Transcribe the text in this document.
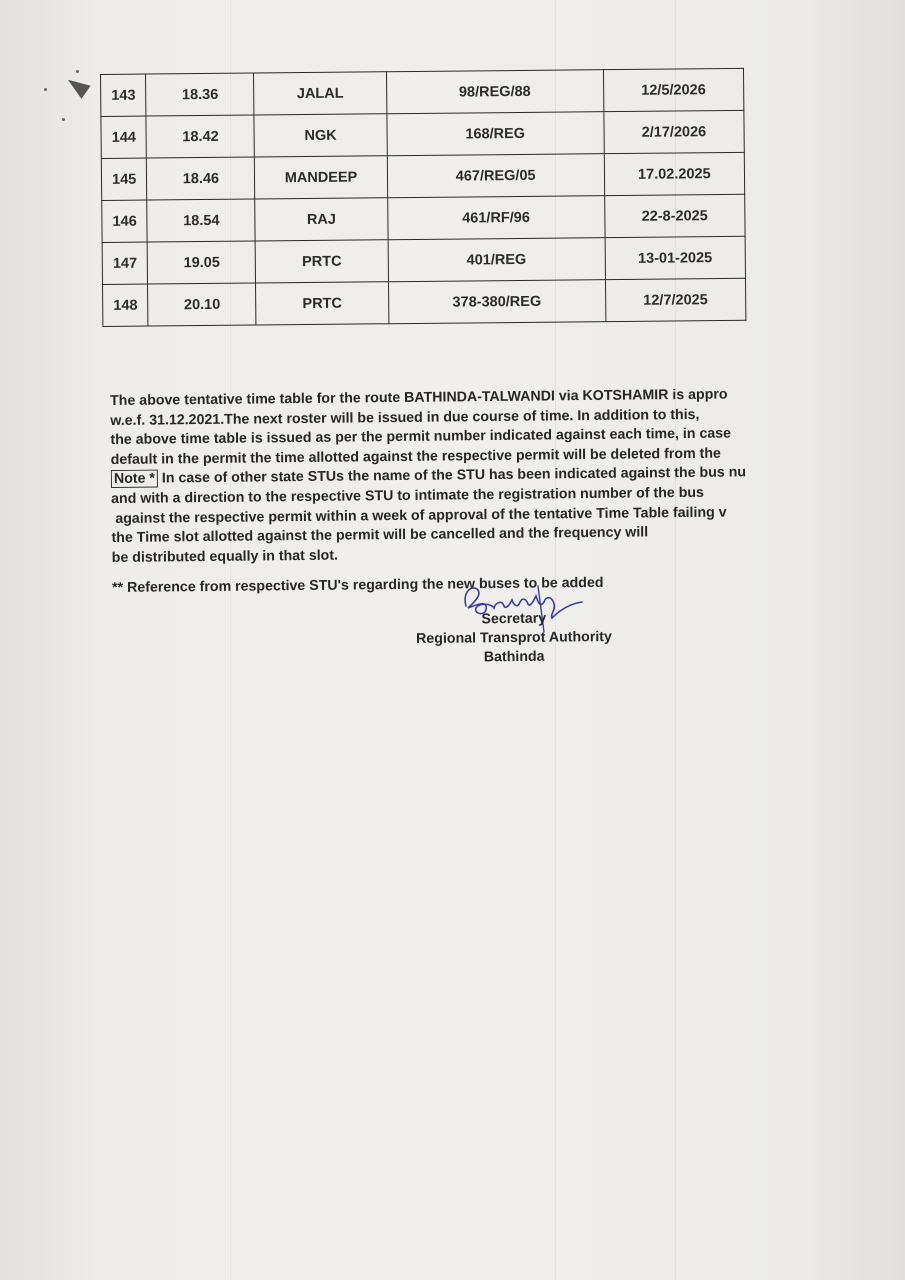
143	18.36	JALAL	98/REG/88	12/5/2026
144	18.42	NGK	168/REG	2/17/2026
145	18.46	MANDEEP	467/REG/05	17.02.2025
146	18.54	RAJ	461/RF/96	22-8-2025
147	19.05	PRTC	401/REG	13-01-2025
148	20.10	PRTC	378-380/REG	12/7/2025
The above tentative time table for the route BATHINDA-TALWANDI via KOTSHAMIR is appro
w.e.f. 31.12.2021.The next roster will be issued in due course of time. In addition to this,
the above time table is issued as per the permit number indicated against each time, in case
default in the permit the time allotted against the respective permit will be deleted from the
Note * In case of other state STUs the name of the STU has been indicated against the bus nu
and with a direction to the respective STU to intimate the registration number of the bus
against the respective permit within a week of approval of the tentative Time Table failing v
the Time slot allotted against the permit will be cancelled and the frequency will
be distributed equally in that slot.
** Reference from respective STU's regarding the new buses to be added
Secretary
Regional Transprot Authority
Bathinda
